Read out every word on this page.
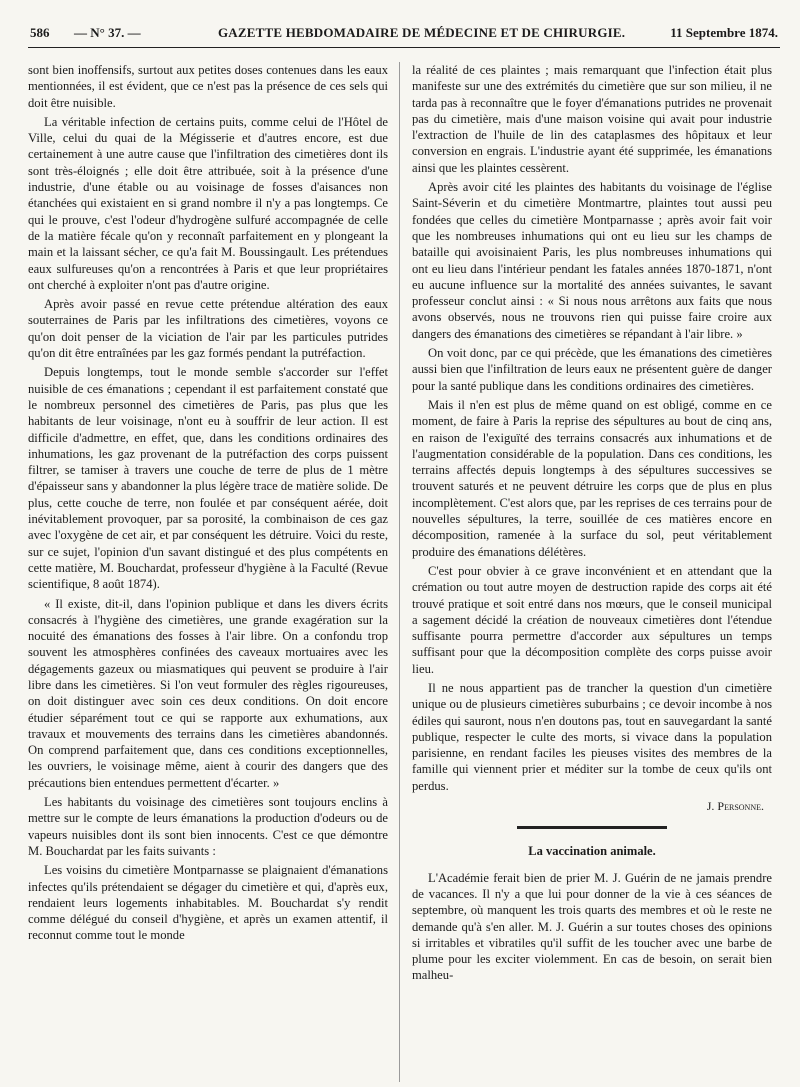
586 — N° 37. —	GAZETTE HEBDOMADAIRE DE MÉDECINE ET DE CHIRURGIE.	11 Septembre 1874.

sont bien inoffensifs, surtout aux petites doses contenues dans les eaux mentionnées, il est évident, que ce n'est pas la présence de ces sels qui doit être nuisible.

La véritable infection de certains puits, comme celui de l'Hôtel de Ville, celui du quai de la Mégisserie et d'autres encore, est due certainement à une autre cause que l'infiltration des cimetières dont ils sont très-éloignés ; elle doit être attribuée, soit à la présence d'une industrie, d'une étable ou au voisinage de fosses d'aisances non étanchées qui existaient en si grand nombre il n'y a pas longtemps. Ce qui le prouve, c'est l'odeur d'hydrogène sulfuré accompagnée de celle de la matière fécale qu'on y reconnaît parfaitement en y plongeant la main et la laissant sécher, ce qu'a fait M. Boussingault. Les prétendues eaux sulfureuses qu'on a rencontrées à Paris et que leur propriétaires ont cherché à exploiter n'ont pas d'autre origine.

Après avoir passé en revue cette prétendue altération des eaux souterraines de Paris par les infiltrations des cimetières, voyons ce qu'on doit penser de la viciation de l'air par les particules putrides qu'on dit être entraînées par les gaz formés pendant la putréfaction.

Depuis longtemps, tout le monde semble s'accorder sur l'effet nuisible de ces émanations ; cependant il est parfaitement constaté que le nombreux personnel des cimetières de Paris, pas plus que les habitants de leur voisinage, n'ont eu à souffrir de leur action. Il est difficile d'admettre, en effet, que, dans les conditions ordinaires des inhumations, les gaz provenant de la putréfaction des corps puissent filtrer, se tamiser à travers une couche de terre de plus de 1 mètre d'épaisseur sans y abandonner la plus légère trace de matière solide. De plus, cette couche de terre, non foulée et par conséquent aérée, doit inévitablement provoquer, par sa porosité, la combinaison de ces gaz avec l'oxygène de cet air, et par conséquent les détruire. Voici du reste, sur ce sujet, l'opinion d'un savant distingué et des plus compétents en cette matière, M. Bouchardat, professeur d'hygiène à la Faculté (Revue scientifique, 8 août 1874).

« Il existe, dit-il, dans l'opinion publique et dans les divers écrits consacrés à l'hygiène des cimetières, une grande exagération sur la nocuité des émanations des fosses à l'air libre. On a confondu trop souvent les atmosphères confinées des caveaux mortuaires avec les dégagements gazeux ou miasmatiques qui peuvent se produire à l'air libre dans les cimetières. Si l'on veut formuler des règles rigoureuses, on doit distinguer avec soin ces deux conditions. On doit encore étudier séparément tout ce qui se rapporte aux exhumations, aux travaux et mouvements des terrains dans les cimetières abandonnés. On comprend parfaitement que, dans ces conditions exceptionnelles, les ouvriers, le voisinage même, aient à courir des dangers que des précautions bien entendues permettent d'écarter. »

Les habitants du voisinage des cimetières sont toujours enclins à mettre sur le compte de leurs émanations la production d'odeurs ou de vapeurs nuisibles dont ils sont bien innocents. C'est ce que démontre M. Bouchardat par les faits suivants :

Les voisins du cimetière Montparnasse se plaignaient d'émanations infectes qu'ils prétendaient se dégager du cimetière et qui, d'après eux, rendaient leurs logements inhabitables. M. Bouchardat s'y rendit comme délégué du conseil d'hygiène, et après un examen attentif, il reconnut comme tout le monde

la réalité de ces plaintes ; mais remarquant que l'infection était plus manifeste sur une des extrémités du cimetière que sur son milieu, il ne tarda pas à reconnaître que le foyer d'émanations putrides ne provenait pas du cimetière, mais d'une maison voisine qui avait pour industrie l'extraction de l'huile de lin des cataplasmes des hôpitaux et leur conversion en engrais. L'industrie ayant été supprimée, les émanations ainsi que les plaintes cessèrent.

Après avoir cité les plaintes des habitants du voisinage de l'église Saint-Séverin et du cimetière Montmartre, plaintes tout aussi peu fondées que celles du cimetière Montparnasse ; après avoir fait voir que les nombreuses inhumations qui ont eu lieu sur les champs de bataille qui avoisinaient Paris, les plus nombreuses inhumations qui ont eu lieu dans l'intérieur pendant les fatales années 1870-1871, n'ont eu aucune influence sur la mortalité des années suivantes, le savant professeur conclut ainsi : « Si nous nous arrêtons aux faits que nous avons observés, nous ne trouvons rien qui puisse faire croire aux dangers des émanations des cimetières se répandant à l'air libre. »

On voit donc, par ce qui précède, que les émanations des cimetières aussi bien que l'infiltration de leurs eaux ne présentent guère de danger pour la santé publique dans les conditions ordinaires des cimetières.

Mais il n'en est plus de même quand on est obligé, comme en ce moment, de faire à Paris la reprise des sépultures au bout de cinq ans, en raison de l'exiguïté des terrains consacrés aux inhumations et de l'augmentation considérable de la population. Dans ces conditions, les terrains affectés depuis longtemps à des sépultures successives se trouvent saturés et ne peuvent détruire les corps que de plus en plus incomplètement. C'est alors que, par les reprises de ces terrains pour de nouvelles sépultures, la terre, souillée de ces matières encore en décomposition, ramenée à la surface du sol, peut véritablement produire des émanations délétères.

C'est pour obvier à ce grave inconvénient et en attendant que la crémation ou tout autre moyen de destruction rapide des corps ait été trouvé pratique et soit entré dans nos mœurs, que le conseil municipal a sagement décidé la création de nouveaux cimetières dont l'étendue suffisante pourra permettre d'accorder aux sépultures un temps suffisant pour que la décomposition complète des corps puisse avoir lieu.

Il ne nous appartient pas de trancher la question d'un cimetière unique ou de plusieurs cimetières suburbains ; ce devoir incombe à nos édiles qui sauront, nous n'en doutons pas, tout en sauvegardant la santé publique, respecter le culte des morts, si vivace dans la population parisienne, en rendant faciles les pieuses visites des membres de la famille qui viennent prier et méditer sur la tombe de ceux qu'ils ont perdus.

J. Personne.
La vaccination animale.

L'Académie ferait bien de prier M. J. Guérin de ne jamais prendre de vacances. Il n'y a que lui pour donner de la vie à ces séances de septembre, où manquent les trois quarts des membres et où le reste ne demande qu'à s'en aller. M. J. Guérin a sur toutes choses des opinions si irritables et vibratiles qu'il suffit de les toucher avec une barbe de plume pour les exciter violemment. En cas de besoin, on serait bien malheu-
